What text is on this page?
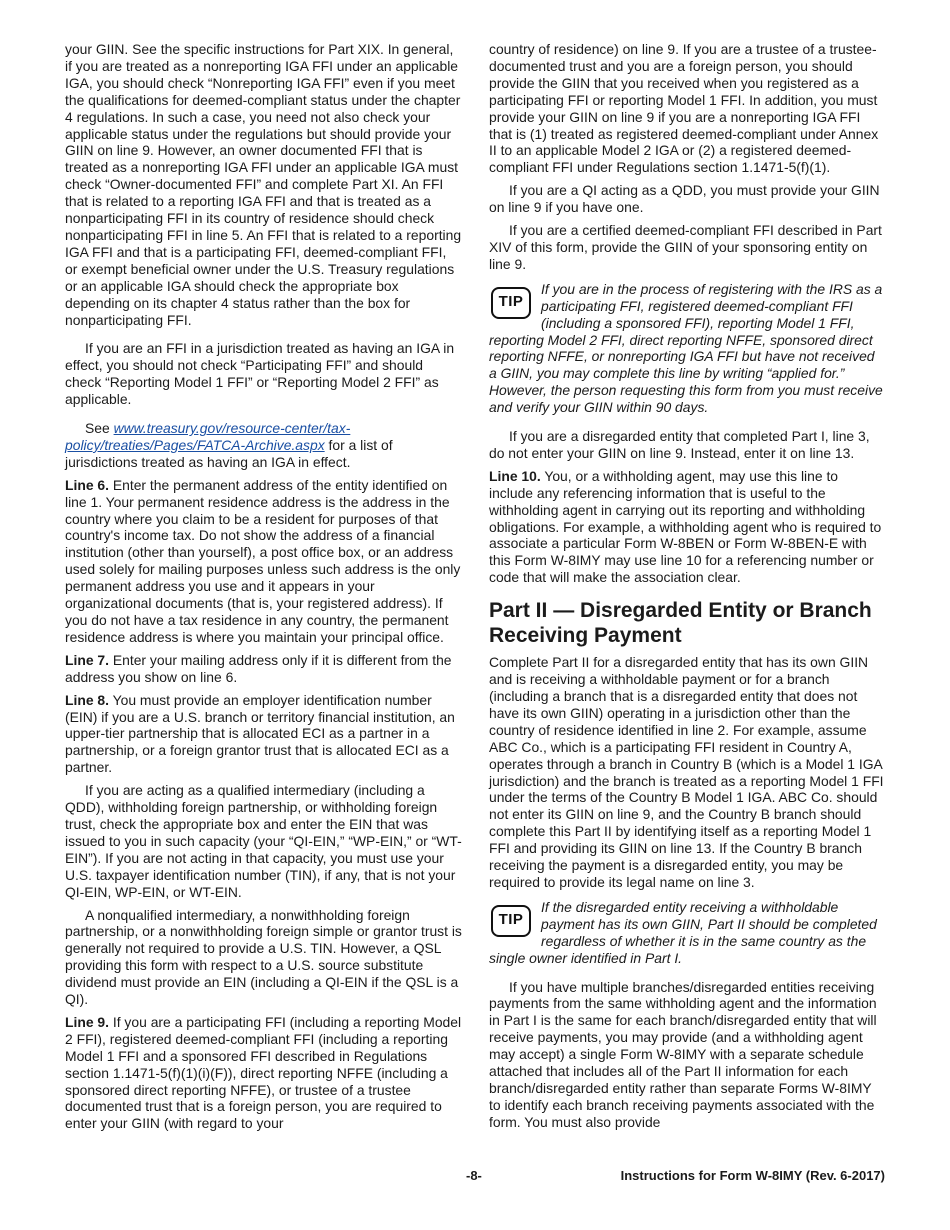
your GIIN. See the specific instructions for Part XIX. In general, if you are treated as a nonreporting IGA FFI under an applicable IGA, you should check “Nonreporting IGA FFI” even if you meet the qualifications for deemed-compliant status under the chapter 4 regulations. In such a case, you need not also check your applicable status under the regulations but should provide your GIIN on line 9. However, an owner documented FFI that is treated as a nonreporting IGA FFI under an applicable IGA must check “Owner-documented FFI” and complete Part XI. An FFI that is related to a reporting IGA FFI and that is treated as a nonparticipating FFI in its country of residence should check nonparticipating FFI in line 5. An FFI that is related to a reporting IGA FFI and that is a participating FFI, deemed-compliant FFI, or exempt beneficial owner under the U.S. Treasury regulations or an applicable IGA should check the appropriate box depending on its chapter 4 status rather than the box for nonparticipating FFI.

If you are an FFI in a jurisdiction treated as having an IGA in effect, you should not check “Participating FFI” and should check “Reporting Model 1 FFI” or “Reporting Model 2 FFI” as applicable.

See www.treasury.gov/resource-center/tax-policy/treaties/Pages/FATCA-Archive.aspx for a list of jurisdictions treated as having an IGA in effect.

Line 6. Enter the permanent address of the entity identified on line 1. Your permanent residence address is the address in the country where you claim to be a resident for purposes of that country's income tax. Do not show the address of a financial institution (other than yourself), a post office box, or an address used solely for mailing purposes unless such address is the only permanent address you use and it appears in your organizational documents (that is, your registered address). If you do not have a tax residence in any country, the permanent residence address is where you maintain your principal office.

Line 7. Enter your mailing address only if it is different from the address you show on line 6.

Line 8. You must provide an employer identification number (EIN) if you are a U.S. branch or territory financial institution, an upper-tier partnership that is allocated ECI as a partner in a partnership, or a foreign grantor trust that is allocated ECI as a partner.

If you are acting as a qualified intermediary (including a QDD), withholding foreign partnership, or withholding foreign trust, check the appropriate box and enter the EIN that was issued to you in such capacity (your “QI-EIN,” “WP-EIN,” or “WT-EIN”). If you are not acting in that capacity, you must use your U.S. taxpayer identification number (TIN), if any, that is not your QI-EIN, WP-EIN, or WT-EIN.

A nonqualified intermediary, a nonwithholding foreign partnership, or a nonwithholding foreign simple or grantor trust is generally not required to provide a U.S. TIN. However, a QSL providing this form with respect to a U.S. source substitute dividend must provide an EIN (including a QI-EIN if the QSL is a QI).

Line 9. If you are a participating FFI (including a reporting Model 2 FFI), registered deemed-compliant FFI (including a reporting Model 1 FFI and a sponsored FFI described in Regulations section 1.1471-5(f)(1)(i)(F)), direct reporting NFFE (including a sponsored direct reporting NFFE), or trustee of a trustee documented trust that is a foreign person, you are required to enter your GIIN (with regard to your

country of residence) on line 9. If you are a trustee of a trustee-documented trust and you are a foreign person, you should provide the GIIN that you received when you registered as a participating FFI or reporting Model 1 FFI. In addition, you must provide your GIIN on line 9 if you are a nonreporting IGA FFI that is (1) treated as registered deemed-compliant under Annex II to an applicable Model 2 IGA or (2) a registered deemed-compliant FFI under Regulations section 1.1471-5(f)(1).

If you are a QI acting as a QDD, you must provide your GIIN on line 9 if you have one.

If you are a certified deemed-compliant FFI described in Part XIV of this form, provide the GIIN of your sponsoring entity on line 9.

TIP
If you are in the process of registering with the IRS as a participating FFI, registered deemed-compliant FFI (including a sponsored FFI), reporting Model 1 FFI, reporting Model 2 FFI, direct reporting NFFE, sponsored direct reporting NFFE, or nonreporting IGA FFI but have not received a GIIN, you may complete this line by writing “applied for.” However, the person requesting this form from you must receive and verify your GIIN within 90 days.

If you are a disregarded entity that completed Part I, line 3, do not enter your GIIN on line 9. Instead, enter it on line 13.

Line 10. You, or a withholding agent, may use this line to include any referencing information that is useful to the withholding agent in carrying out its reporting and withholding obligations. For example, a withholding agent who is required to associate a particular Form W-8BEN or Form W-8BEN-E with this Form W-8IMY may use line 10 for a referencing number or code that will make the association clear.

Part II — Disregarded Entity or Branch Receiving Payment

Complete Part II for a disregarded entity that has its own GIIN and is receiving a withholdable payment or for a branch (including a branch that is a disregarded entity that does not have its own GIIN) operating in a jurisdiction other than the country of residence identified in line 2. For example, assume ABC Co., which is a participating FFI resident in Country A, operates through a branch in Country B (which is a Model 1 IGA jurisdiction) and the branch is treated as a reporting Model 1 FFI under the terms of the Country B Model 1 IGA. ABC Co. should not enter its GIIN on line 9, and the Country B branch should complete this Part II by identifying itself as a reporting Model 1 FFI and providing its GIIN on line 13. If the Country B branch receiving the payment is a disregarded entity, you may be required to provide its legal name on line 3.

TIP
If the disregarded entity receiving a withholdable payment has its own GIIN, Part II should be completed regardless of whether it is in the same country as the single owner identified in Part I.

If you have multiple branches/disregarded entities receiving payments from the same withholding agent and the information in Part I is the same for each branch/disregarded entity that will receive payments, you may provide (and a withholding agent may accept) a single Form W-8IMY with a separate schedule attached that includes all of the Part II information for each branch/disregarded entity rather than separate Forms W-8IMY to identify each branch receiving payments associated with the form. You must also provide

-8-	Instructions for Form W-8IMY (Rev. 6-2017)
